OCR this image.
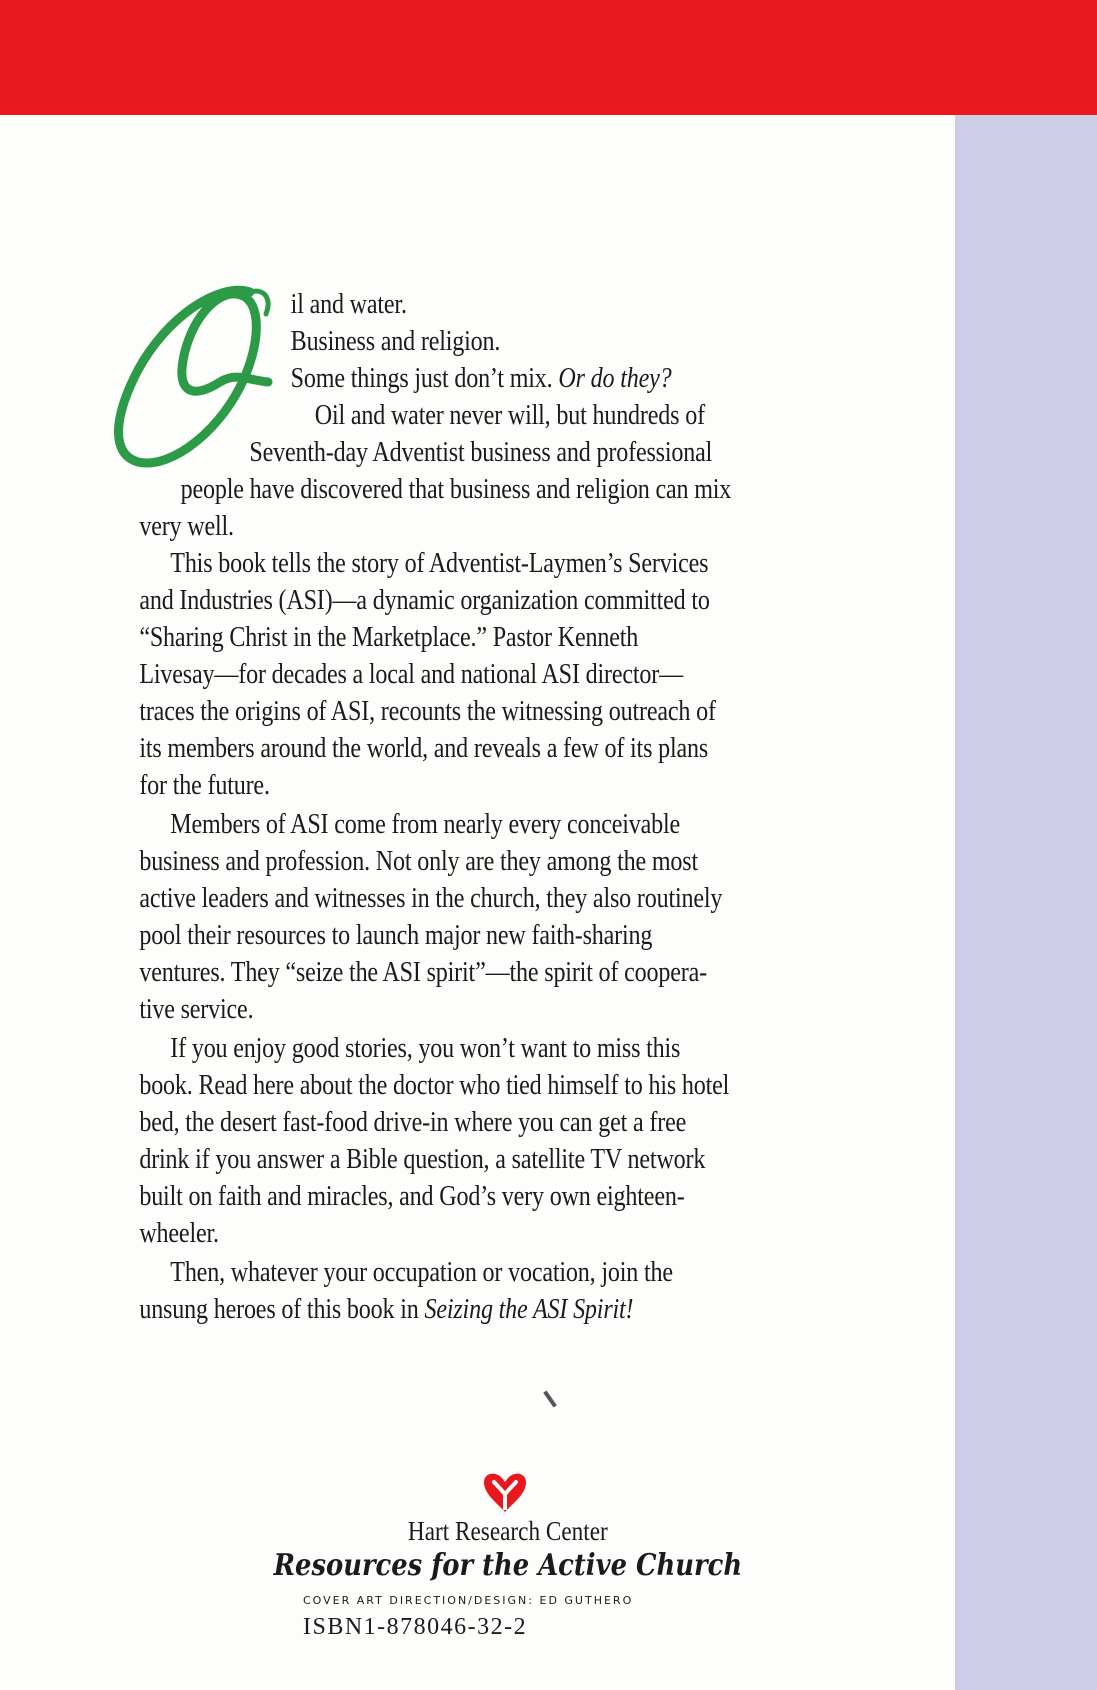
il and water.
Business and religion.
Some things just don’t mix. Or do they?
Oil and water never will, but hundreds of
Seventh-day Adventist business and professional
people have discovered that business and religion can mix
very well.
This book tells the story of Adventist-Laymen’s Services
and Industries (ASI)—a dynamic organization committed to
“Sharing Christ in the Marketplace.” Pastor Kenneth
Livesay—for decades a local and national ASI director—
traces the origins of ASI, recounts the witnessing outreach of
its members around the world, and reveals a few of its plans
for the future.
Members of ASI come from nearly every conceivable
business and profession. Not only are they among the most
active leaders and witnesses in the church, they also routinely
pool their resources to launch major new faith-sharing
ventures. They “seize the ASI spirit”—the spirit of coopera-
tive service.
If you enjoy good stories, you won’t want to miss this
book. Read here about the doctor who tied himself to his hotel
bed, the desert fast-food drive-in where you can get a free
drink if you answer a Bible question, a satellite TV network
built on faith and miracles, and God’s very own eighteen-
wheeler.
Then, whatever your occupation or vocation, join the
unsung heroes of this book in Seizing the ASI Spirit!
Hart Research Center
Resources for the Active Church
COVER ART DIRECTION/DESIGN: ED GUTHERO
ISBN1-878046-32-2
